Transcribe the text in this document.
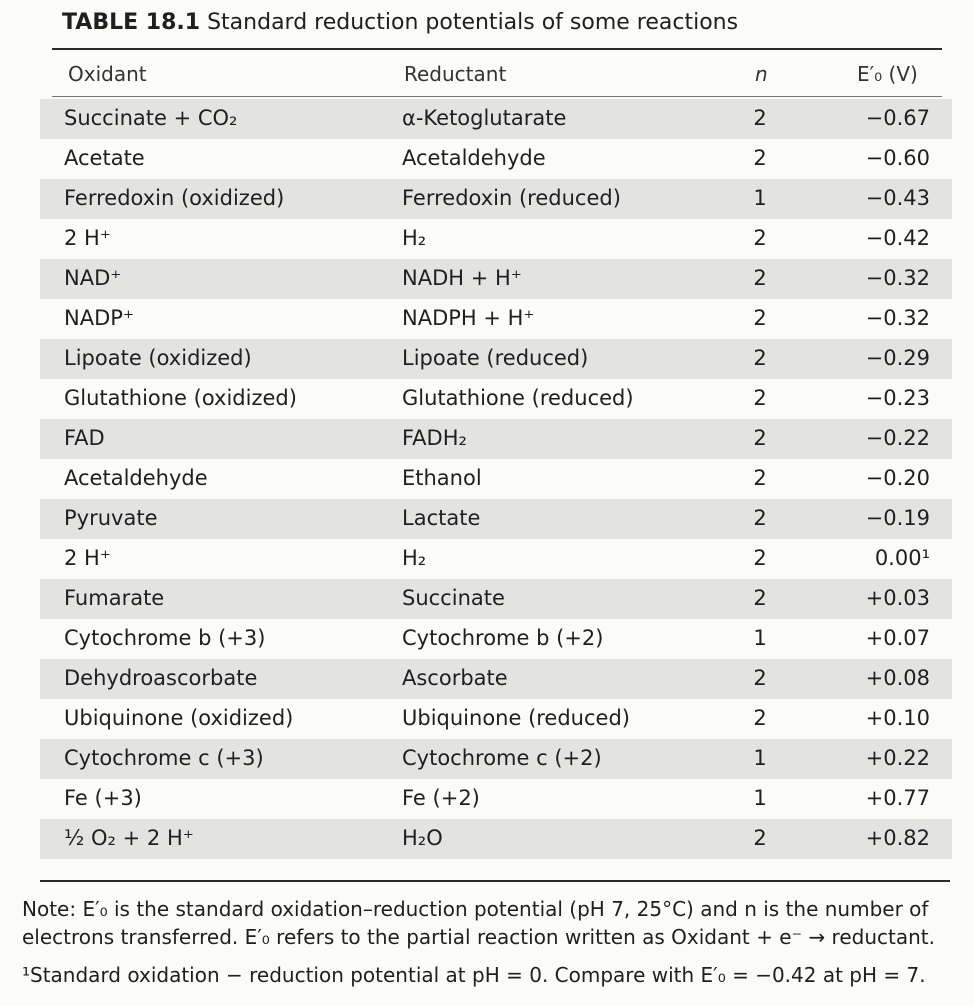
TABLE 18.1 Standard reduction potentials of some reactions
Oxidant	Reductant	n	E′₀ (V)
Succinate + CO₂	α-Ketoglutarate	2	−0.67
Acetate	Acetaldehyde	2	−0.60
Ferredoxin (oxidized)	Ferredoxin (reduced)	1	−0.43
2 H⁺	H₂	2	−0.42
NAD⁺	NADH + H⁺	2	−0.32
NADP⁺	NADPH + H⁺	2	−0.32
Lipoate (oxidized)	Lipoate (reduced)	2	−0.29
Glutathione (oxidized)	Glutathione (reduced)	2	−0.23
FAD	FADH₂	2	−0.22
Acetaldehyde	Ethanol	2	−0.20
Pyruvate	Lactate	2	−0.19
2 H⁺	H₂	2	0.00¹
Fumarate	Succinate	2	+0.03
Cytochrome b (+3)	Cytochrome b (+2)	1	+0.07
Dehydroascorbate	Ascorbate	2	+0.08
Ubiquinone (oxidized)	Ubiquinone (reduced)	2	+0.10
Cytochrome c (+3)	Cytochrome c (+2)	1	+0.22
Fe (+3)	Fe (+2)	1	+0.77
½ O₂ + 2 H⁺	H₂O	2	+0.82
Note: E′₀ is the standard oxidation–reduction potential (pH 7, 25°C) and n is the number of
electrons transferred. E′₀ refers to the partial reaction written as Oxidant + e⁻ → reductant.
¹Standard oxidation − reduction potential at pH = 0. Compare with E′₀ = −0.42 at pH = 7.
